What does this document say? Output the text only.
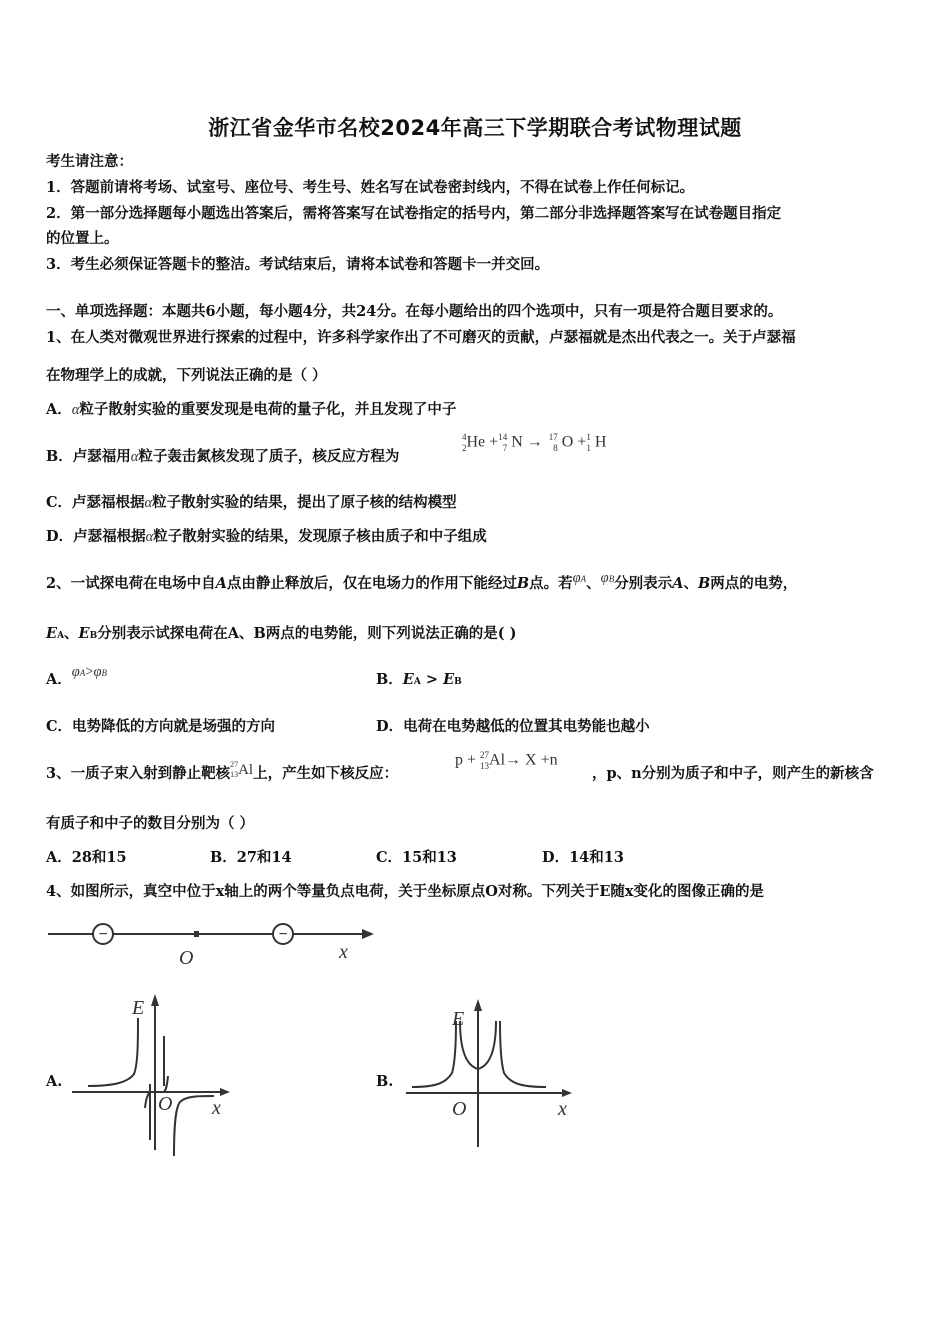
浙江省金华市名校2024年高三下学期联合考试物理试题
考生请注意：
1．答题前请将考场、试室号、座位号、考生号、姓名写在试卷密封线内，不得在试卷上作任何标记。
2．第一部分选择题每小题选出答案后，需将答案写在试卷指定的括号内，第二部分非选择题答案写在试卷题目指定
的位置上。
3．考生必须保证答题卡的整洁。考试结束后，请将本试卷和答题卡一并交回。
一、单项选择题：本题共6小题，每小题4分，共24分。在每小题给出的四个选项中，只有一项是符合题目要求的。
1、在人类对微观世界进行探索的过程中，许多科学家作出了不可磨灭的贡献，卢瑟福就是杰出代表之一。关于卢瑟福
在物理学上的成就，下列说法正确的是（ ）
A．α粒子散射实验的重要发现是电荷的量子化，并且发现了中子
B．卢瑟福用α粒子轰击氮核发现了质子，核反应方程为
4
2He +14
7 N → 17
8 O +1
1 H
C．卢瑟福根据α粒子散射实验的结果，提出了原子核的结构模型
D．卢瑟福根据α粒子散射实验的结果，发现原子核由质子和中子组成
2、一试探电荷在电场中自A点由静止释放后，仅在电场力的作用下能经过B点。若φA、φB分别表示A、B两点的电势，
EA、EB分别表示试探电荷在A、B两点的电势能，则下列说法正确的是( )
A．φA>φB	B．EA > EB
C．电势降低的方向就是场强的方向	D．电荷在电势越低的位置其电势能也越小
3、一质子束入射到静止靶核27
13Al上，产生如下核反应：
p + 27
13Al→ X +n
，p、n分别为质子和中子，则产生的新核含
有质子和中子的数目分别为（ ）
A．28和15	B．27和14	C．15和13	D．14和13
4、如图所示，真空中位于x轴上的两个等量负点电荷，关于坐标原点O对称。下列关于E随x变化的图像正确的是
−	−
O	x
A.
E
O x
B.
E
O	x
